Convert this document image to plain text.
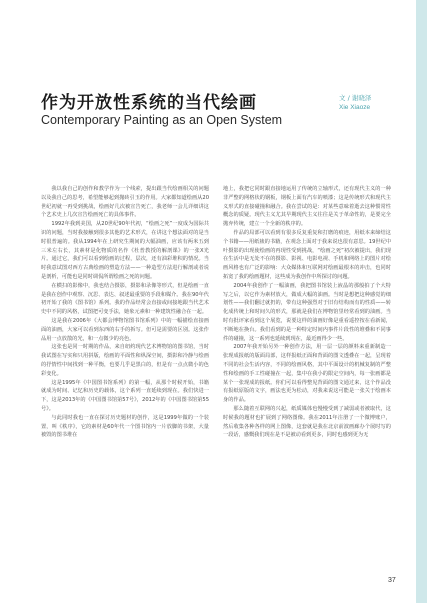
作为开放性系统的当代绘画
Contemporary Painting as an Open System
文 / 谢晓泽
Xie Xiaoze

我以我自己的创作和教学作为一个线索，提出跟当代绘画相关的问题以及我自己的思考，希望能够起到抛砖引玉的作用。大家都知道绘画从20世纪初就一再受到挑战，绘画好几次被宣告死亡，我老师一会儿详细讲这个艺术史上几次宣告绘画死亡的具体事件。

1992年我到美国，从20世纪90年代初，“绘画之死”一度成为国际共识的问题，当时我接触到很多其他的艺术形式，在讲这个想法面对的是当时很普遍的。我从1994年在上研究生期间的大幅油画，应该有两米五到三米左右长，其素材是化物质的名作《杜普教授的解剖课》的一张X光片。通过它，我们可以看到绘画的过程，层次，还有油彩堆积的情况。当时我意试图对西方古典绘画的塑造方法——一种造型方法进行解剖或者说是剖析，可能也是同时调侃所谓绘画之死的问题。

在横扫的影像中，我也结合摄影，摄影和录像等形式，但是绘画一直是我在创作中观察、沉思、表达、叙述最重要的手段和媒介。我在90年代初开始了我的《图书馆》系列。我的作品经常会直接或间接地跟当代艺术史中不同的风格，试图把可变手法，她象元素和一种建筑性融合在一起。

这是我在2006年《大都会博物馆图书馆系列》中的一幅描绘直接画面的油画，大家可以看到东西的右手的拆写。但可是需要的区别。这张作品用一点放散的光，和一点微少的亮色。

这张也是同一时期的作品，来自纽约现代艺术博物馆的图书馆，当时我试图在写实和只用拼版，绘画的平面性和纵深空间，摄影和冷静与绘画的抒情性中间找到一种平衡，也要几乎是黑白的，但是有一点点微小的色彩变化。

这是1995年《中国图书馆系列》的第一幅，从那个时候开始，书籍就成为时间、记忆和历史的载体，这个系列一直延续到现在。我们快进一下，这是2013年的《中国图书馆第57号》，2012年的《中国图书馆第55号》。

与此同时我也一直在探讨历史题材的创作，这是1999年做的一个装置，叫《秩序》，它的素材是60年代一个图书馆内一片放脚的书架，大量被毁的图书堆在

地上，我把它同时跟直接地运用了传统的立轴形式，还有现代主义的一种非严整的网格状的钢板，钢板上面有汽车的喷漆；这是传统形式和现代主义形式的直接碰撞和融合。我在尝试的是：对某些意味着逝去这种惯常性概念的质疑。现代主义尤其早期现代主义往往是关于革命性的，是要完全抛弃传统，建立一个全新的秩序的。

作品的局部可以看到有很多反复重复和打磨的痕迹，用纸本来缔结这个书籍——用纸裱的书籍，在观念上面对于我来说也很有意思。19世纪中叶摄影的出现使绘画的再现性受到挑战，“绘画之死”初次被提出，我们现在生活中是无处不在的摄影、影视、电影电视、手机和网络上的图片对绘画风格也有广泛的影响：大众媒体和互联网对绘画最根本的冲击，也同时拓宽了我的绘画题材，这些成为我创作中所探讨的问题。

2004年我创作了一幅油画，我把图书馆装上液晶的那般拍了个大特写之后，以它作为素材放大，做成大幅的油画。当时是想把这种感觉的细划性——我们翻过就扔的，带有这种强烈对于旧有结构而有的性质——转化成传统上和时间久的形式，那就是我们在博物馆里经常看到的油画。当时有批评家看到这个展览，说要这样的油画好像是重看遥控按在看新闻，不断地在换台。我们看到的是一种特定时间内事件片段性的堆叠和不同事件的碰撞，这一系列也延续到现在，最近画得少一些。

2007年我开始另外一种创作方法，用一层一层的颜料来重新制造一张现成报纸的版面局部，这样报纸正面和背面的图文透叠在一起，呈现着不同的社会生活内容，不同的绘画风格，其中平面设计的机械复制的严整性和绘画的手工性碰撞在一起，集中在我小的限定空间内，每一张画都是某个一张现成的报纸。你们可以看得整见背面的图文通过来，这个作品没有报纸原版的文字，画法也更为松动，对我来说这可能是一张关于绘画本身的作品。

那么随着互联网的兴起，纸质媒体也慢慢受到了减弱或者被取代，这时候我的题材也扩展到了网络图像。我在2011年注册了一个微博账户，然后收集各种各样的网上图像，这套就是我在北京前波画廊办个展时写的一段话，感慨我们现在是不是被动看到更多，同时也感到更为无

37
